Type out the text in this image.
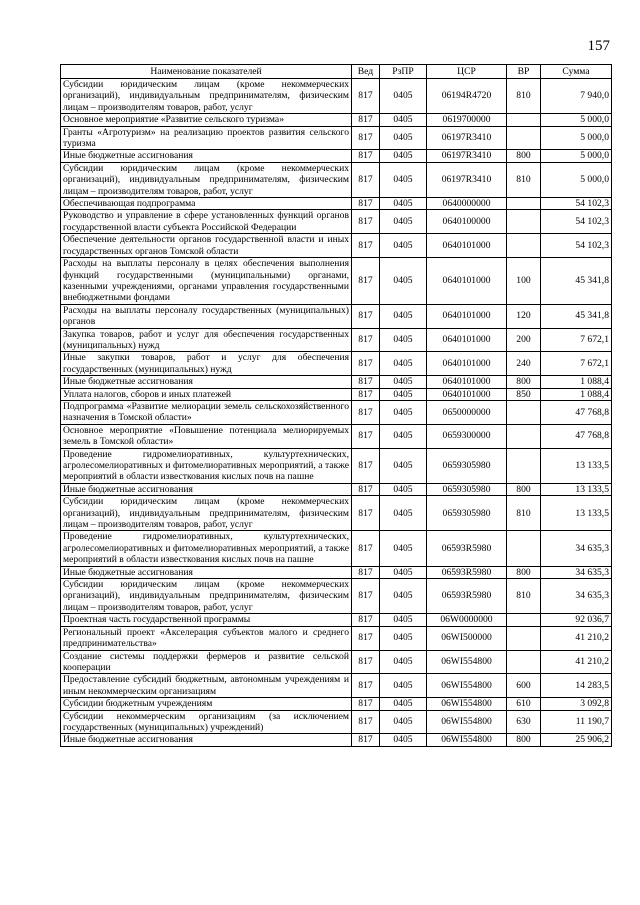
157
Наименование показателей	Вед	РзПР	ЦСР	ВР	Сумма
Субсидии юридическим лицам (кроме некоммерческих организаций), индивидуальным предпринимателям, физическим лицам – производителям товаров, работ, услуг	817	0405	06194R4720	810	7 940,0
Основное мероприятие «Развитие сельского туризма»	817	0405	0619700000		5 000,0
Гранты «Агротуризм» на реализацию проектов развития сельского туризма	817	0405	06197R3410		5 000,0
Иные бюджетные ассигнования	817	0405	06197R3410	800	5 000,0
Субсидии юридическим лицам (кроме некоммерческих организаций), индивидуальным предпринимателям, физическим лицам – производителям товаров, работ, услуг	817	0405	06197R3410	810	5 000,0
Обеспечивающая подпрограмма	817	0405	0640000000		54 102,3
Руководство и управление в сфере установленных функций органов государственной власти субъекта Российской Федерации	817	0405	0640100000		54 102,3
Обеспечение деятельности органов государственной власти и иных государственных органов Томской области	817	0405	0640101000		54 102,3
Расходы на выплаты персоналу в целях обеспечения выполнения функций государственными (муниципальными) органами, казенными учреждениями, органами управления государственными внебюджетными фондами	817	0405	0640101000	100	45 341,8
Расходы на выплаты персоналу государственных (муниципальных) органов	817	0405	0640101000	120	45 341,8
Закупка товаров, работ и услуг для обеспечения государственных (муниципальных) нужд	817	0405	0640101000	200	7 672,1
Иные закупки товаров, работ и услуг для обеспечения государственных (муниципальных) нужд	817	0405	0640101000	240	7 672,1
Иные бюджетные ассигнования	817	0405	0640101000	800	1 088,4
Уплата налогов, сборов и иных платежей	817	0405	0640101000	850	1 088,4
Подпрограмма «Развитие мелиорации земель сельскохозяйственного назначения в Томской области»	817	0405	0650000000		47 768,8
Основное мероприятие «Повышение потенциала мелиорируемых земель в Томской области»	817	0405	0659300000		47 768,8
Проведение гидромелиоративных, культуртехнических, агролесомелиоративных и фитомелиоративных мероприятий, а также мероприятий в области известкования кислых почв на пашне	817	0405	0659305980		13 133,5
Иные бюджетные ассигнования	817	0405	0659305980	800	13 133,5
Субсидии юридическим лицам (кроме некоммерческих организаций), индивидуальным предпринимателям, физическим лицам – производителям товаров, работ, услуг	817	0405	0659305980	810	13 133,5
Проведение гидромелиоративных, культуртехнических, агролесомелиоративных и фитомелиоративных мероприятий, а также мероприятий в области известкования кислых почв на пашне	817	0405	06593R5980		34 635,3
Иные бюджетные ассигнования	817	0405	06593R5980	800	34 635,3
Субсидии юридическим лицам (кроме некоммерческих организаций), индивидуальным предпринимателям, физическим лицам – производителям товаров, работ, услуг	817	0405	06593R5980	810	34 635,3
Проектная часть государственной программы	817	0405	06W0000000		92 036,7
Региональный проект «Акселерация субъектов малого и среднего предпринимательства»	817	0405	06WI500000		41 210,2
Создание системы поддержки фермеров и развитие сельской кооперации	817	0405	06WI554800		41 210,2
Предоставление субсидий бюджетным, автономным учреждениям и иным некоммерческим организациям	817	0405	06WI554800	600	14 283,5
Субсидии бюджетным учреждениям	817	0405	06WI554800	610	3 092,8
Субсидии некоммерческим организациям (за исключением государственных (муниципальных) учреждений)	817	0405	06WI554800	630	11 190,7
Иные бюджетные ассигнования	817	0405	06WI554800	800	25 906,2
